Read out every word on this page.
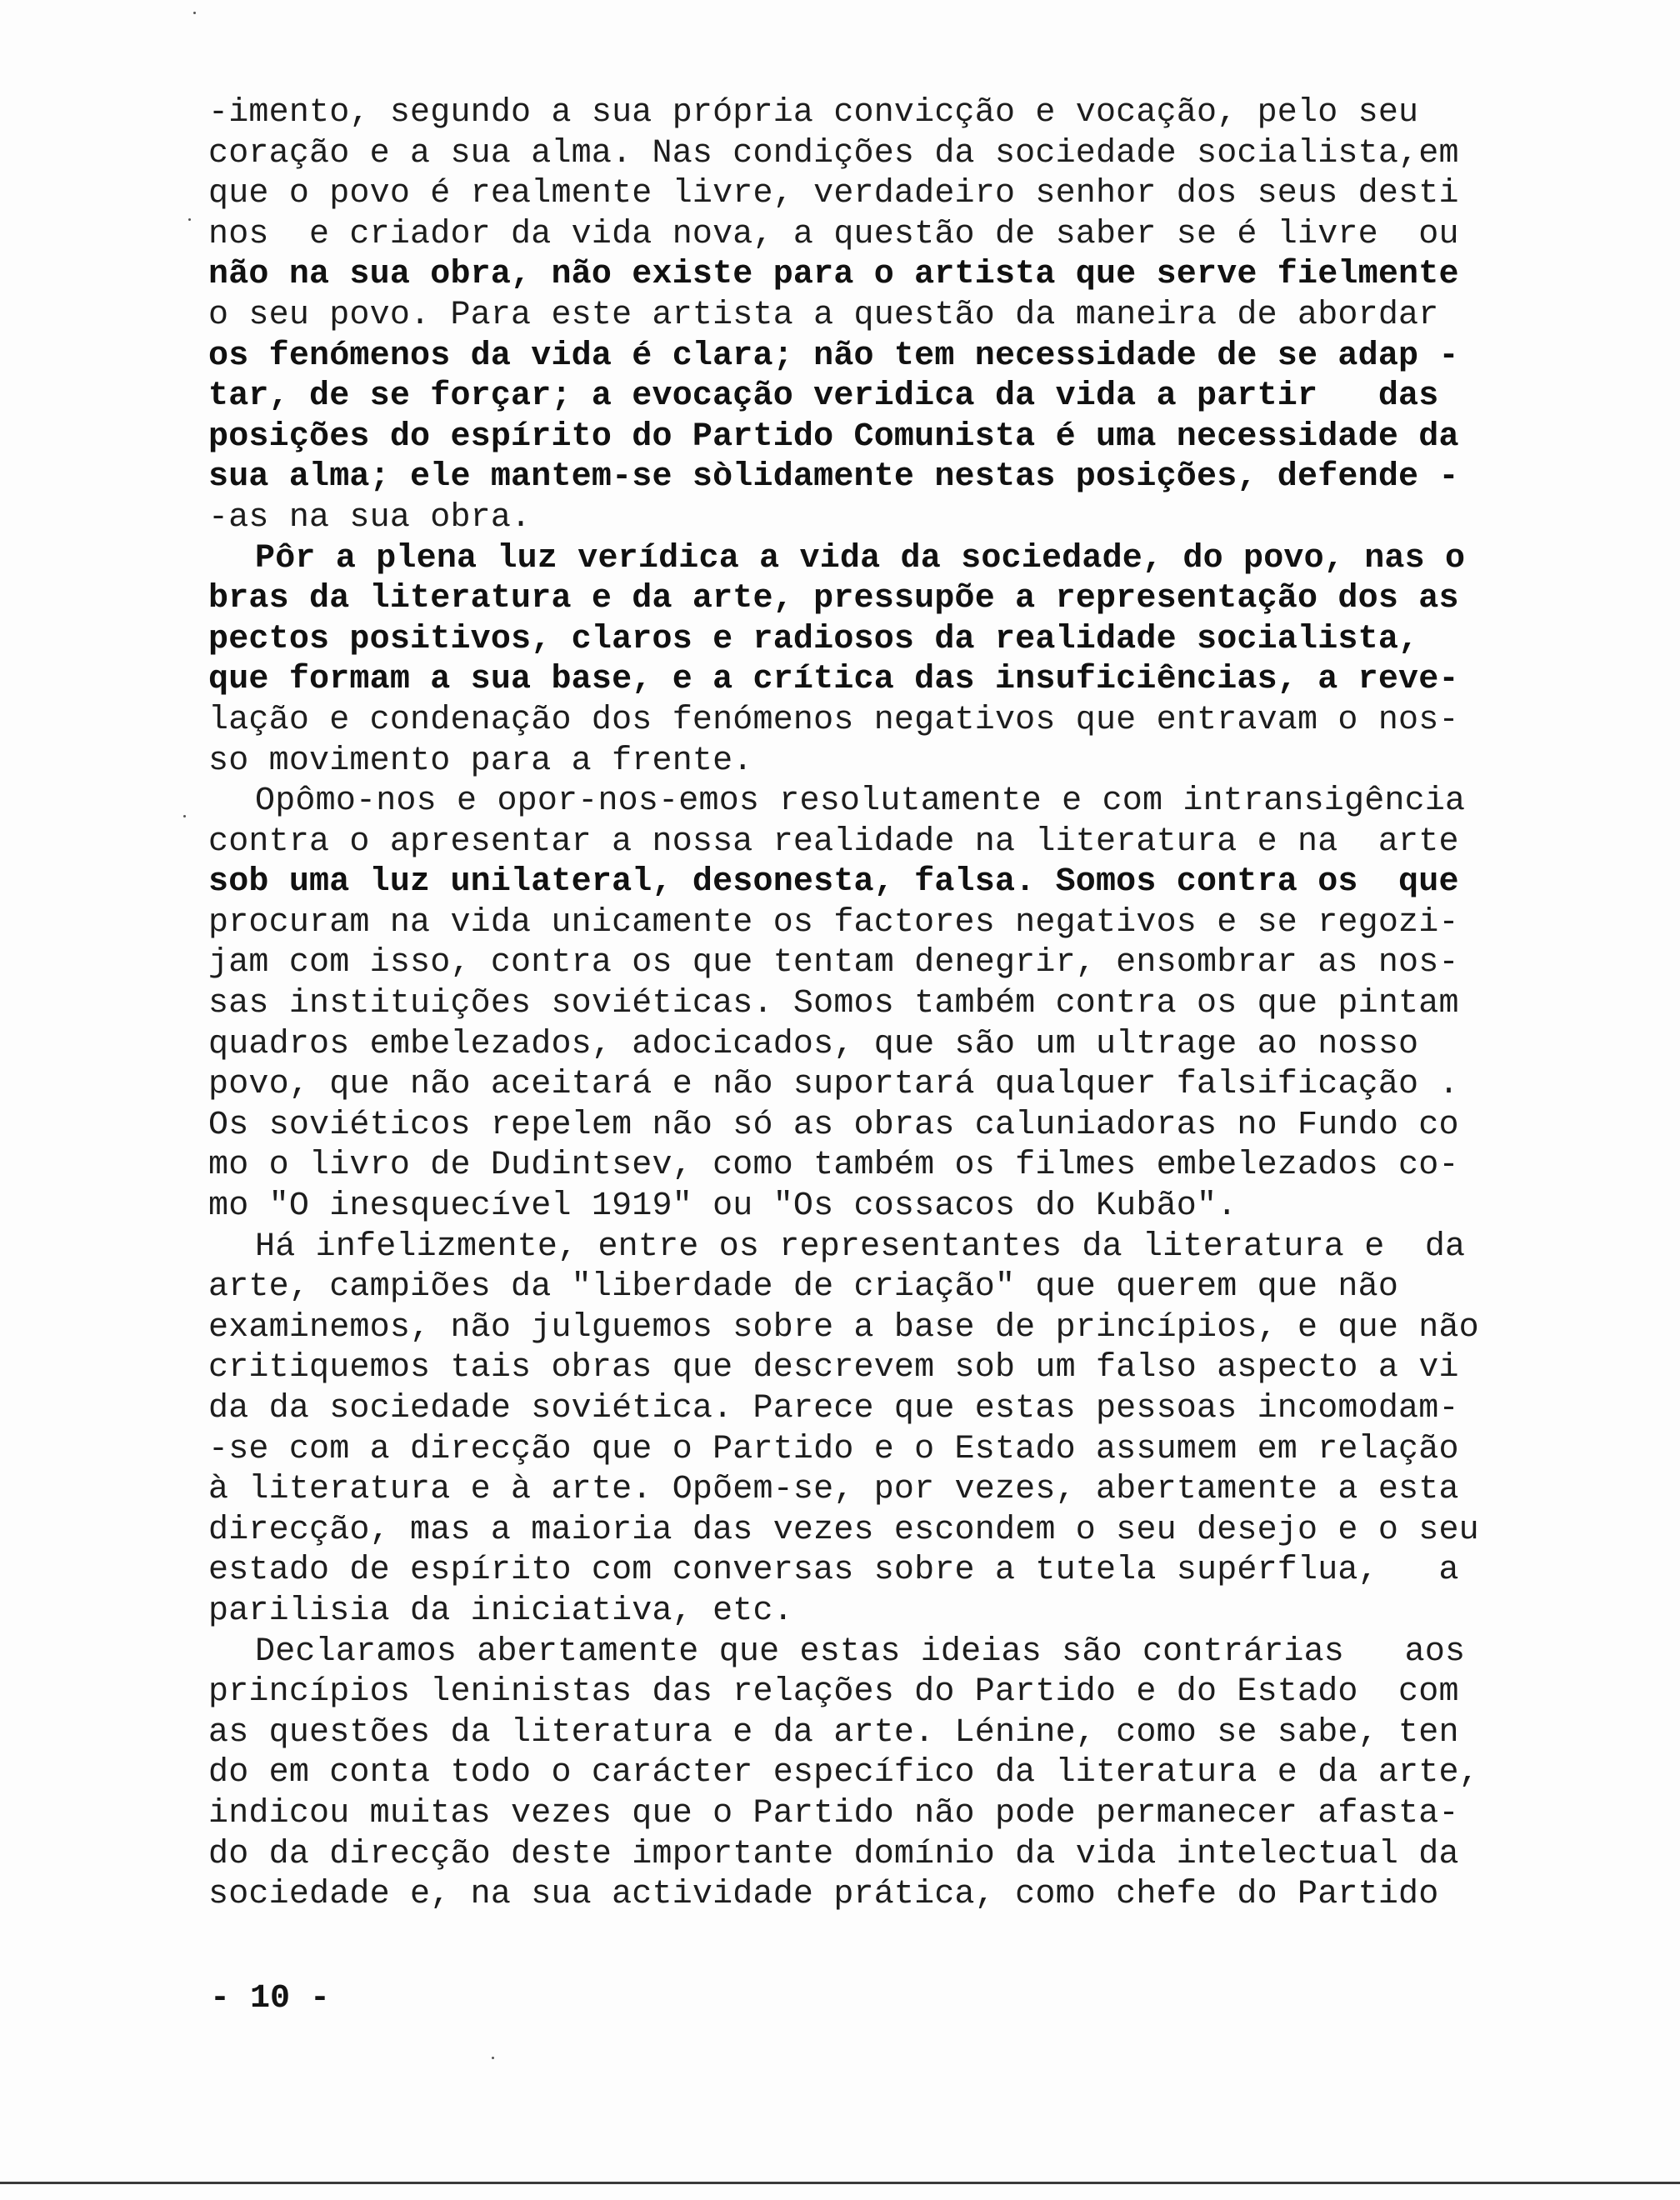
-imento, segundo a sua própria convicção e vocação, pelo seu
coração e a sua alma. Nas condições da sociedade socialista,em
que o povo é realmente livre, verdadeiro senhor dos seus desti
nos  e criador da vida nova, a questão de saber se é livre  ou
não na sua obra, não existe para o artista que serve fielmente
o seu povo. Para este artista a questão da maneira de abordar
os fenómenos da vida é clara; não tem necessidade de se adap -
tar, de se forçar; a evocação veridica da vida a partir   das
posições do espírito do Partido Comunista é uma necessidade da
sua alma; ele mantem-se sòlidamente nestas posições, defende -
-as na sua obra.
Pôr a plena luz verídica a vida da sociedade, do povo, nas o
bras da literatura e da arte, pressupõe a representação dos as
pectos positivos, claros e radiosos da realidade socialista,
que formam a sua base, e a crítica das insuficiências, a reve-
lação e condenação dos fenómenos negativos que entravam o nos-
so movimento para a frente.
Opômo-nos e opor-nos-emos resolutamente e com intransigência
contra o apresentar a nossa realidade na literatura e na  arte
sob uma luz unilateral, desonesta, falsa. Somos contra os  que
procuram na vida unicamente os factores negativos e se regozi-
jam com isso, contra os que tentam denegrir, ensombrar as nos-
sas instituições soviéticas. Somos também contra os que pintam
quadros embelezados, adocicados, que são um ultrage ao nosso
povo, que não aceitará e não suportará qualquer falsificação .
Os soviéticos repelem não só as obras caluniadoras no Fundo co
mo o livro de Dudintsev, como também os filmes embelezados co-
mo "O inesquecível 1919" ou "Os cossacos do Kubão".
Há infelizmente, entre os representantes da literatura e  da
arte, campiões da "liberdade de criação" que querem que não
examinemos, não julguemos sobre a base de princípios, e que não
critiquemos tais obras que descrevem sob um falso aspecto a vi
da da sociedade soviética. Parece que estas pessoas incomodam-
-se com a direcção que o Partido e o Estado assumem em relação
à literatura e à arte. Opõem-se, por vezes, abertamente a esta
direcção, mas a maioria das vezes escondem o seu desejo e o seu
estado de espírito com conversas sobre a tutela supérflua,   a
parilisia da iniciativa, etc.
Declaramos abertamente que estas ideias são contrárias   aos
princípios leninistas das relações do Partido e do Estado  com
as questões da literatura e da arte. Lénine, como se sabe, ten
do em conta todo o carácter específico da literatura e da arte,
indicou muitas vezes que o Partido não pode permanecer afasta-
do da direcção deste importante domínio da vida intelectual da
sociedade e, na sua actividade prática, como chefe do Partido
- 10 -
